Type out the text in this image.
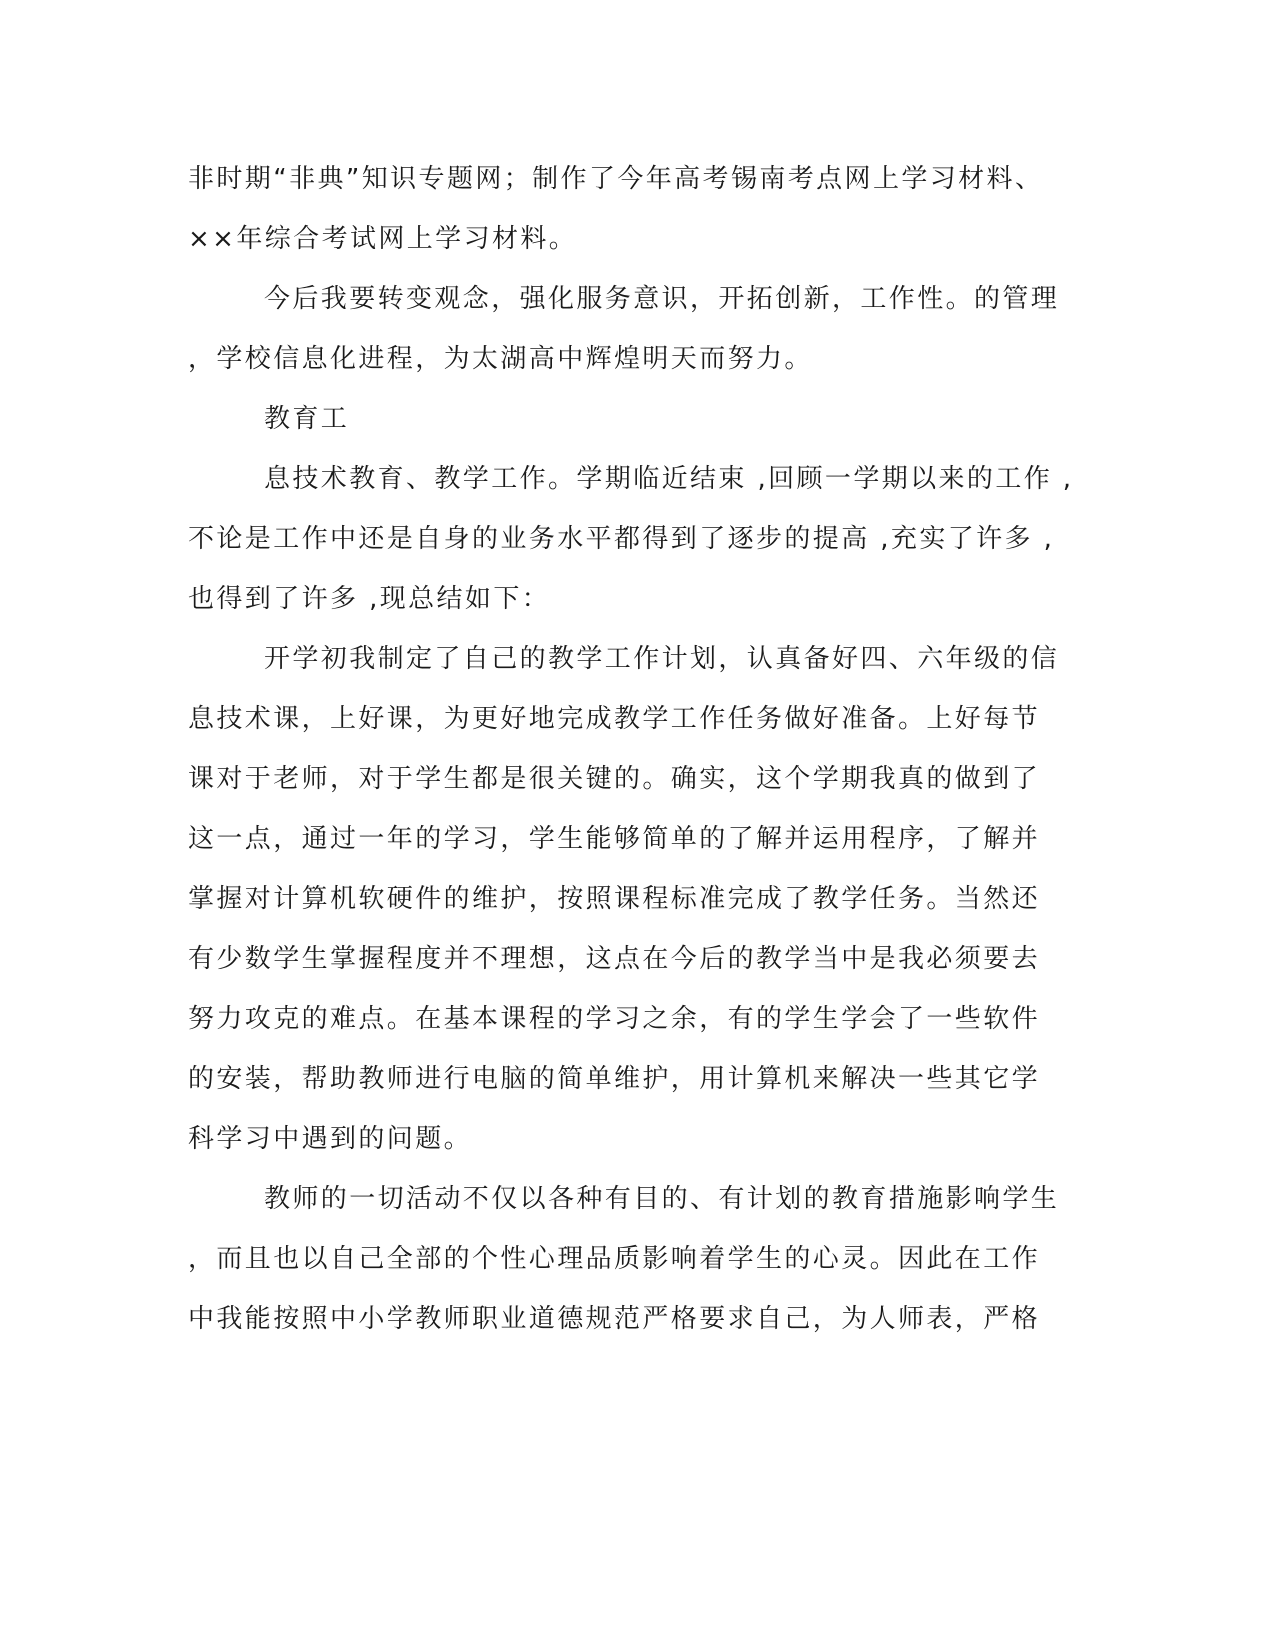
非时期“非典”知识专题网；制作了今年高考锡南考点网上学习材料、
××年综合考试网上学习材料。
今后我要转变观念，强化服务意识，开拓创新，工作性。的管理
，学校信息化进程，为太湖高中辉煌明天而努力。
教育工
息技术教育、教学工作。学期临近结束 ,回顾一学期以来的工作 ,
不论是工作中还是自身的业务水平都得到了逐步的提高 ,充实了许多 ,
也得到了许多 ,现总结如下：
开学初我制定了自己的教学工作计划，认真备好四、六年级的信
息技术课，上好课，为更好地完成教学工作任务做好准备。上好每节
课对于老师，对于学生都是很关键的。确实，这个学期我真的做到了
这一点，通过一年的学习，学生能够简单的了解并运用程序，了解并
掌握对计算机软硬件的维护，按照课程标准完成了教学任务。当然还
有少数学生掌握程度并不理想，这点在今后的教学当中是我必须要去
努力攻克的难点。在基本课程的学习之余，有的学生学会了一些软件
的安装，帮助教师进行电脑的简单维护，用计算机来解决一些其它学
科学习中遇到的问题。
教师的一切活动不仅以各种有目的、有计划的教育措施影响学生
，而且也以自己全部的个性心理品质影响着学生的心灵。因此在工作
中我能按照中小学教师职业道德规范严格要求自己，为人师表，严格
